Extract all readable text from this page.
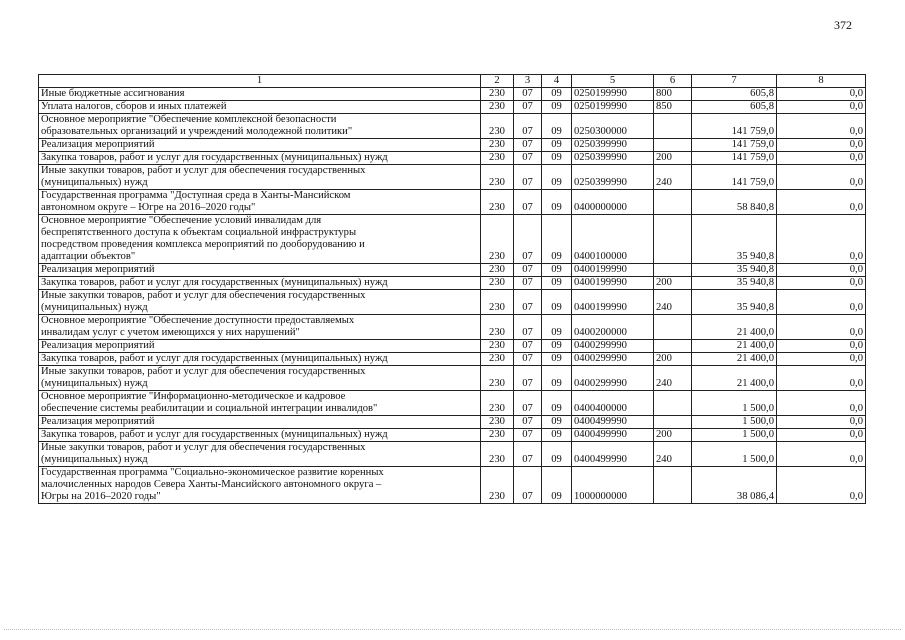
372
1	2	3	4	5	6	7	8
Иные бюджетные ассигнования	230	07	09	0250199990	800	605,8	0,0
Уплата налогов, сборов и иных платежей	230	07	09	0250199990	850	605,8	0,0
Основное мероприятие "Обеспечение комплексной безопасности
образовательных организаций и учреждений молодежной политики"	230	07	09	0250300000		141 759,0	0,0
Реализация мероприятий	230	07	09	0250399990		141 759,0	0,0
Закупка товаров, работ и услуг для государственных (муниципальных) нужд	230	07	09	0250399990	200	141 759,0	0,0
Иные закупки товаров, работ и услуг для обеспечения государственных
(муниципальных) нужд	230	07	09	0250399990	240	141 759,0	0,0
Государственная программа "Доступная среда в Ханты-Мансийском
автономном округе – Югре на 2016–2020 годы"	230	07	09	0400000000		58 840,8	0,0
Основное мероприятие "Обеспечение условий инвалидам для
беспрепятственного доступа к объектам социальной инфраструктуры
посредством проведения комплекса мероприятий по дооборудованию и
адаптации объектов"	230	07	09	0400100000		35 940,8	0,0
Реализация мероприятий	230	07	09	0400199990		35 940,8	0,0
Закупка товаров, работ и услуг для государственных (муниципальных) нужд	230	07	09	0400199990	200	35 940,8	0,0
Иные закупки товаров, работ и услуг для обеспечения государственных
(муниципальных) нужд	230	07	09	0400199990	240	35 940,8	0,0
Основное мероприятие "Обеспечение доступности предоставляемых
инвалидам услуг с учетом имеющихся у них нарушений"	230	07	09	0400200000		21 400,0	0,0
Реализация мероприятий	230	07	09	0400299990		21 400,0	0,0
Закупка товаров, работ и услуг для государственных (муниципальных) нужд	230	07	09	0400299990	200	21 400,0	0,0
Иные закупки товаров, работ и услуг для обеспечения государственных
(муниципальных) нужд	230	07	09	0400299990	240	21 400,0	0,0
Основное мероприятие "Информационно-методическое и кадровое
обеспечение системы реабилитации и социальной интеграции инвалидов"	230	07	09	0400400000		1 500,0	0,0
Реализация мероприятий	230	07	09	0400499990		1 500,0	0,0
Закупка товаров, работ и услуг для государственных (муниципальных) нужд	230	07	09	0400499990	200	1 500,0	0,0
Иные закупки товаров, работ и услуг для обеспечения государственных
(муниципальных) нужд	230	07	09	0400499990	240	1 500,0	0,0
Государственная программа "Социально-экономическое развитие коренных
малочисленных народов Севера Ханты-Мансийского автономного округа –
Югры на 2016–2020 годы"	230	07	09	1000000000		38 086,4	0,0
